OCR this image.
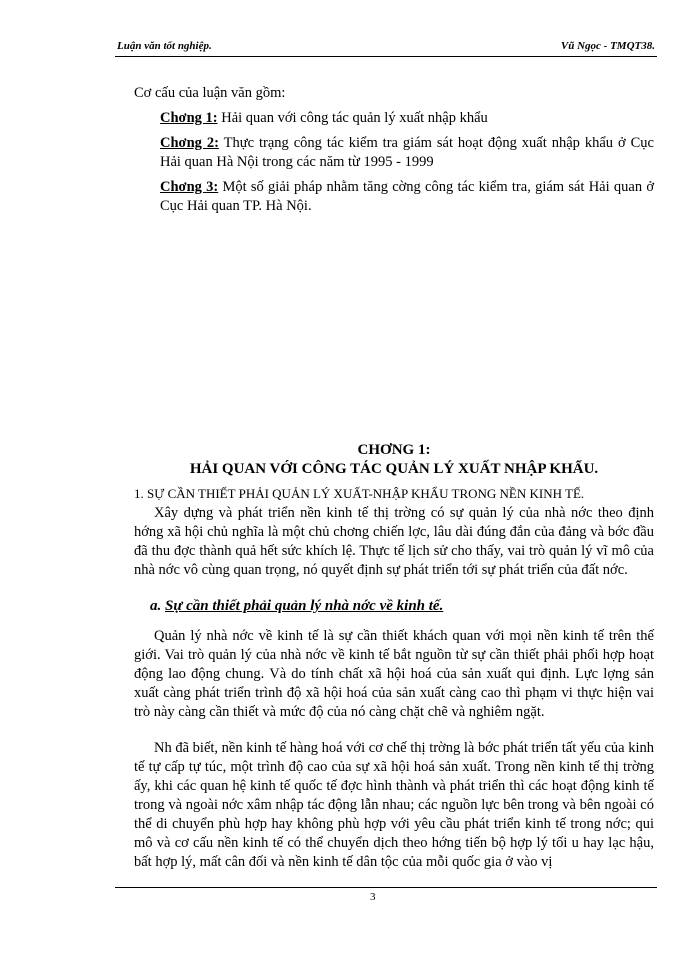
Luận văn tốt nghiệp.	Vũ Ngọc - TMQT38.
Cơ cấu của luận văn gồm:
Chơng 1: Hải quan với công tác quản lý xuất nhập khẩu
Chơng 2: Thực trạng công tác kiểm tra giám sát hoạt động xuất nhập khẩu ở Cục Hải quan Hà Nội trong các năm từ 1995 - 1999
Chơng 3: Một số giải pháp nhằm tăng cờng công tác kiểm tra, giám sát Hải quan ở Cục Hải quan TP. Hà Nội.
CHƠNG 1:
HẢI QUAN VỚI CÔNG TÁC QUẢN LÝ XUẤT NHẬP KHẨU.
1. SỰ CẦN THIẾT PHẢI QUẢN LÝ XUẤT-NHẬP KHẨU TRONG NỀN KINH TẾ.

Xây dựng và phát triển nền kinh tế thị trờng có sự quản lý của nhà nớc theo định hớng xã hội chủ nghĩa là một chủ chơng chiến lợc, lâu dài đúng đắn của đảng và bớc đầu đã thu đợc thành quả hết sức khích lệ. Thực tế lịch sử cho thấy, vai trò quản lý vĩ mô của nhà nớc vô cùng quan trọng, nó quyết định sự phát triển tới sự phát triển của đất nớc.

a. Sự cần thiết phải quản lý nhà nớc về kinh tế.

Quản lý nhà nớc về kinh tế là sự cần thiết khách quan với mọi nền kinh tế trên thế giới. Vai trò quản lý của nhà nớc về kinh tế bắt nguồn từ sự cần thiết phải phối hợp hoạt động lao động chung. Và do tính chất xã hội hoá của sản xuất qui định. Lực lợng sản xuất càng phát triển trình độ xã hội hoá của sản xuất càng cao thì phạm vi thực hiện vai trò này càng cần thiết và mức độ của nó càng chặt chẽ và nghiêm ngặt.

Nh đã biết, nền kinh tế hàng hoá với cơ chế thị trờng là bớc phát triển tất yếu của kinh tế tự cấp tự túc, một trình độ cao của sự xã hội hoá sản xuất. Trong nền kinh tế thị trờng ấy, khi các quan hệ kinh tế quốc tế đợc hình thành và phát triển thì các hoạt động kinh tế trong và ngoài nớc xâm nhập tác động lẫn nhau; các nguồn lực bên trong và bên ngoài có thể di chuyển phù hợp hay không phù hợp với yêu cầu phát triển kinh tế trong nớc; qui mô và cơ cấu nền kinh tế có thể chuyển dịch theo hớng tiến bộ hợp lý tối u hay lạc hậu, bất hợp lý, mất cân đối và nền kinh tế dân tộc của mỗi quốc gia ở vào vị

3
